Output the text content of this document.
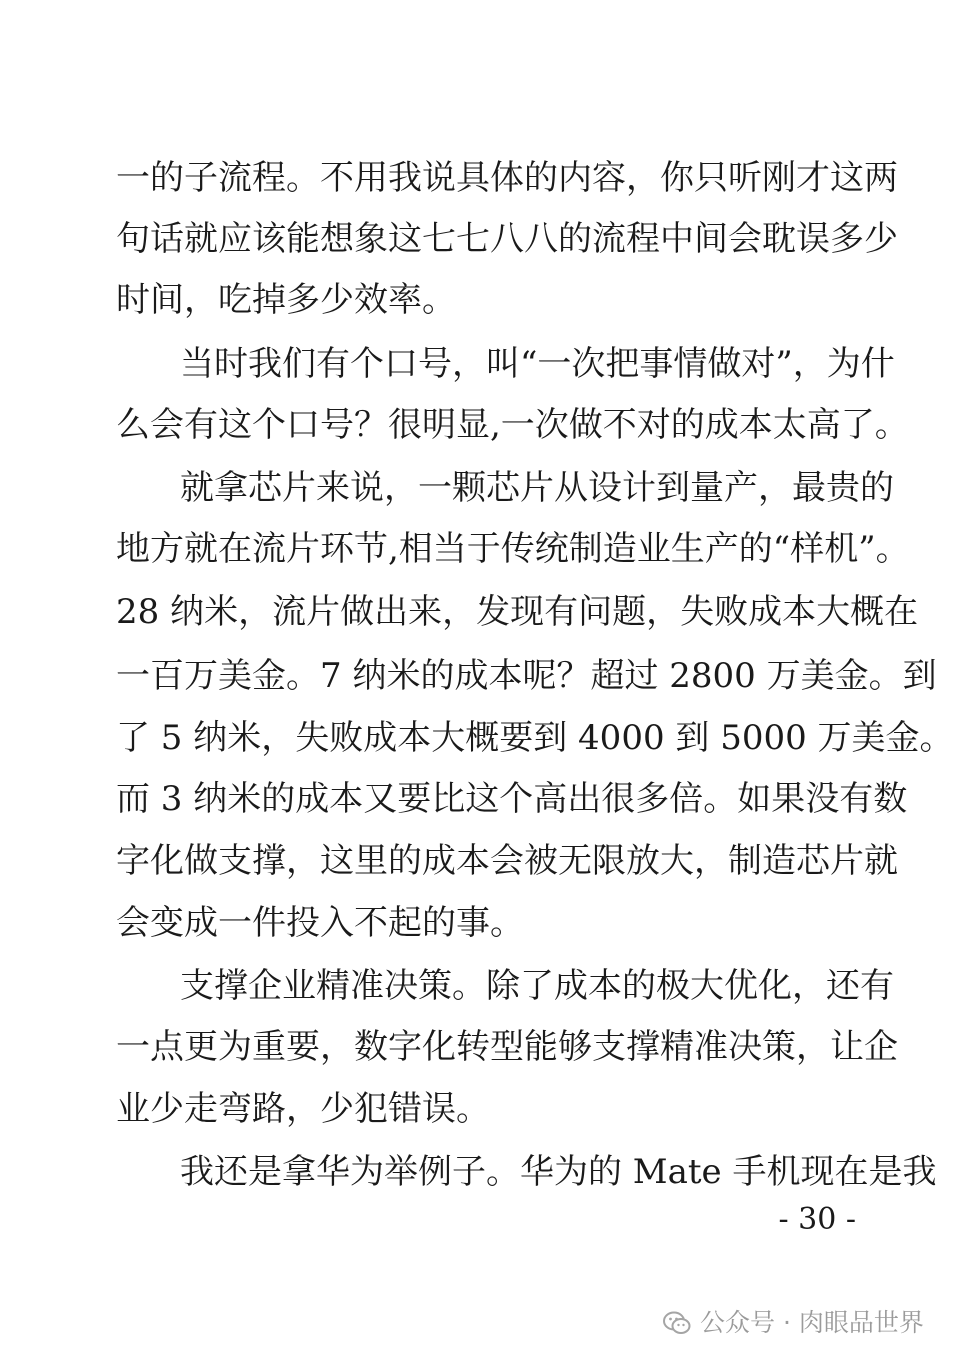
一的子流程。不用我说具体的内容，你只听刚才这两
句话就应该能想象这七七八八的流程中间会耽误多少
时间，吃掉多少效率。
当时我们有个口号，叫“一次把事情做对”，为什
么会有这个口号？很明显,一次做不对的成本太高了。
就拿芯片来说，一颗芯片从设计到量产，最贵的
地方就在流片环节,相当于传统制造业生产的“样机”。
28 纳米，流片做出来，发现有问题，失败成本大概在
一百万美金。7 纳米的成本呢？超过 2800 万美金。到
了 5 纳米，失败成本大概要到 4000 到 5000 万美金。
而 3 纳米的成本又要比这个高出很多倍。如果没有数
字化做支撑，这里的成本会被无限放大，制造芯片就
会变成一件投入不起的事。
支撑企业精准决策。除了成本的极大优化，还有
一点更为重要，数字化转型能够支撑精准决策，让企
业少走弯路，少犯错误。
我还是拿华为举例子。华为的 Mate 手机现在是我
- 30 -
公众号 · 肉眼品世界
